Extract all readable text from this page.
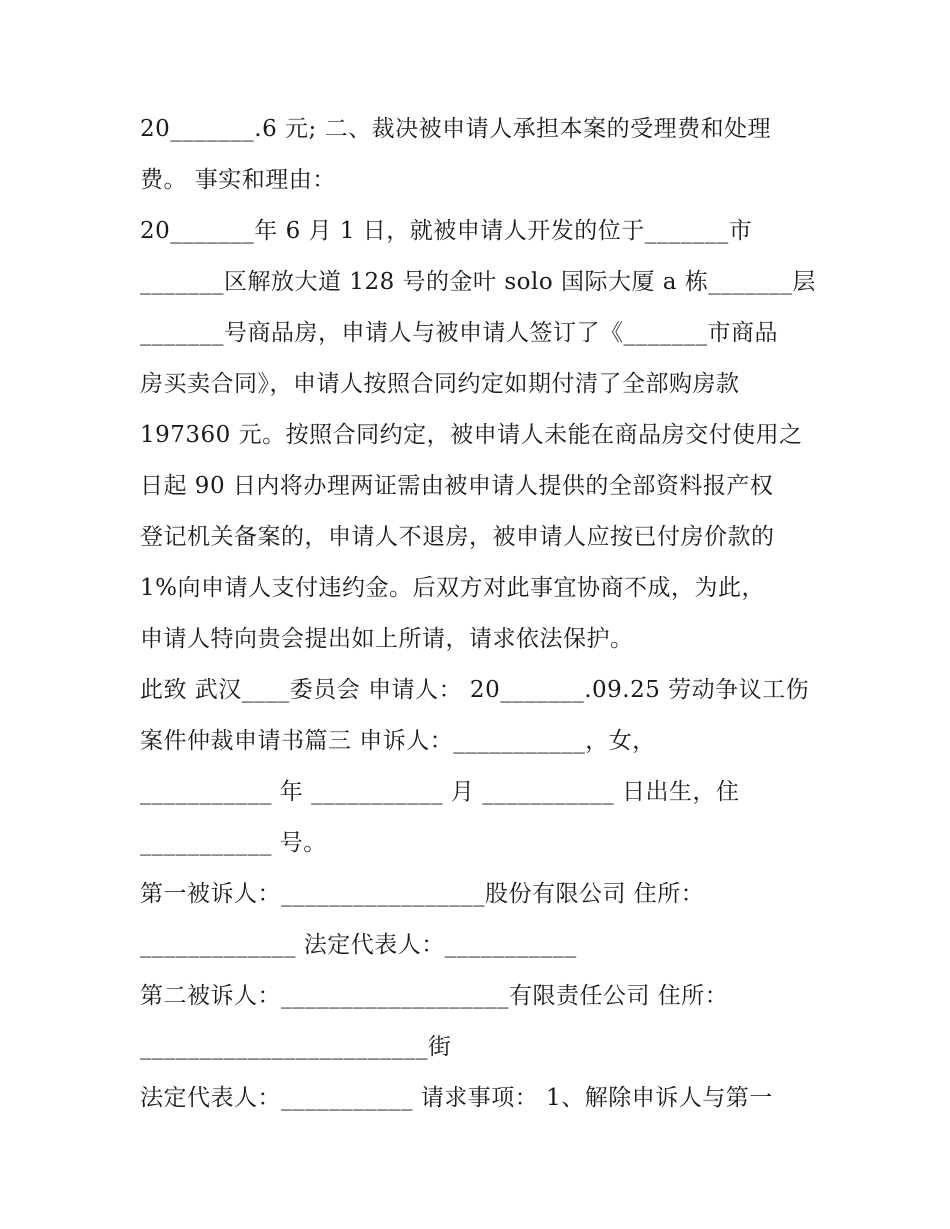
20_______.6 元; 二、裁决被申请人承担本案的受理费和处理
费。 事实和理由：
20_______年 6 月 1 日，就被申请人开发的位于_______市
_______区解放大道 128 号的金叶 solo 国际大厦 a 栋_______层
_______号商品房，申请人与被申请人签订了《_______市商品
房买卖合同》，申请人按照合同约定如期付清了全部购房款
197360 元。按照合同约定，被申请人未能在商品房交付使用之
日起 90 日内将办理两证需由被申请人提供的全部资料报产权
登记机关备案的，申请人不退房，被申请人应按已付房价款的
1%向申请人支付违约金。后双方对此事宜协商不成，为此，
申请人特向贵会提出如上所请，请求依法保护。
此致 武汉____委员会 申请人： 20_______.09.25 劳动争议工伤
案件仲裁申请书篇三 申诉人：___________，女，
___________ 年 ___________ 月 ___________ 日出生，住
___________ 号。
第一被诉人：_________________股份有限公司 住所：
_____________ 法定代表人：___________
第二被诉人：___________________有限责任公司 住所：
________________________街
法定代表人：___________ 请求事项： 1、解除申诉人与第一
